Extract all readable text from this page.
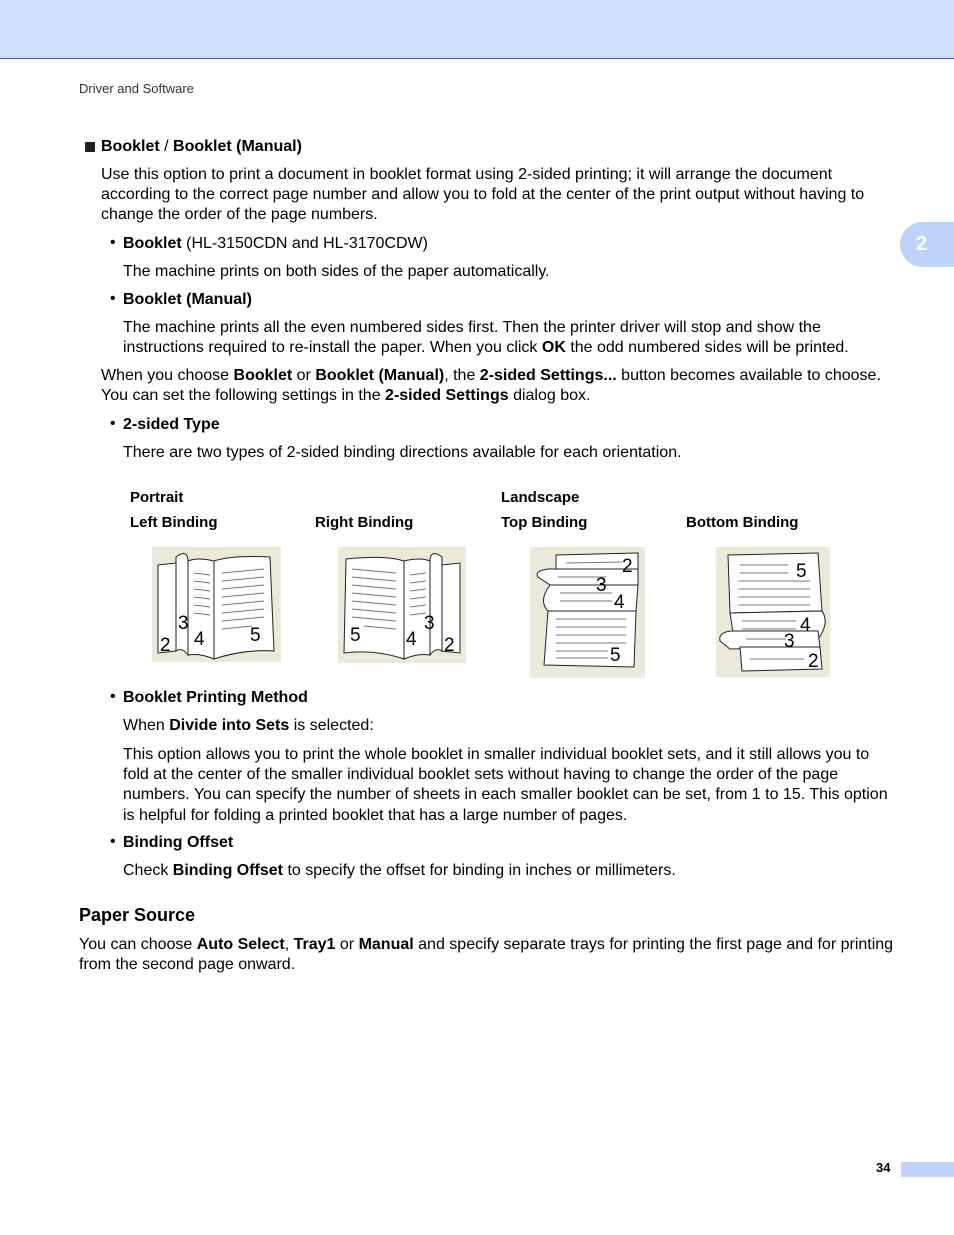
Driver and Software
2
Booklet / Booklet (Manual)
Use this option to print a document in booklet format using 2-sided printing; it will arrange the document according to the correct page number and allow you to fold at the center of the print output without having to change the order of the page numbers.
• Booklet (HL-3150CDN and HL-3170CDW)
The machine prints on both sides of the paper automatically.
• Booklet (Manual)
The machine prints all the even numbered sides first. Then the printer driver will stop and show the instructions required to re-install the paper. When you click OK the odd numbered sides will be printed.
When you choose Booklet or Booklet (Manual), the 2-sided Settings... button becomes available to choose. You can set the following settings in the 2-sided Settings dialog box.
• 2-sided Type
There are two types of 2-sided binding directions available for each orientation.
Portrait	Landscape
Left Binding	Right Binding	Top Binding	Bottom Binding
2
3
4 5	5 4
3
2
2
3
4
5
5
4
3
2
• Booklet Printing Method
When Divide into Sets is selected:
This option allows you to print the whole booklet in smaller individual booklet sets, and it still allows you to fold at the center of the smaller individual booklet sets without having to change the order of the page numbers. You can specify the number of sheets in each smaller booklet can be set, from 1 to 15. This option is helpful for folding a printed booklet that has a large number of pages.
• Binding Offset
Check Binding Offset to specify the offset for binding in inches or millimeters.
Paper Source
You can choose Auto Select, Tray1 or Manual and specify separate trays for printing the first page and for printing from the second page onward.
34
